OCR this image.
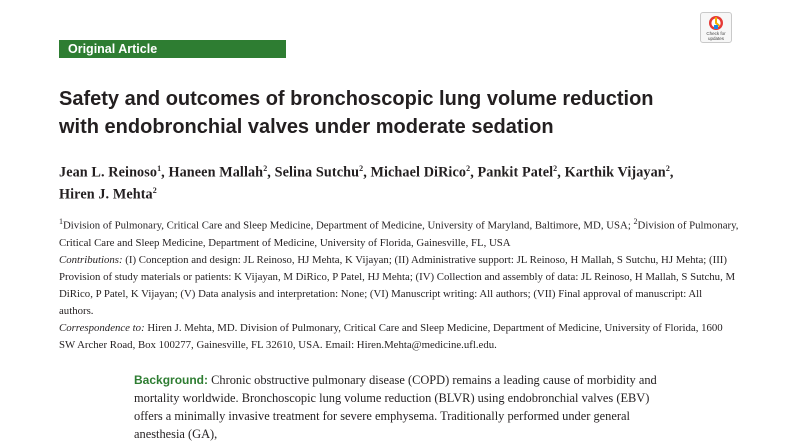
Original Article
Check for
updates
Safety and outcomes of bronchoscopic lung volume reduction
with endobronchial valves under moderate sedation

Jean L. Reinoso$^1$, Haneen Mallah$^2$, Selina Sutchu$^2$, Michael DiRico$^2$, Pankit Patel$^2$, Karthik Vijayan$^2$,
Hiren J. Mehta$^2$

$^1$Division of Pulmonary, Critical Care and Sleep Medicine, Department of Medicine, University of Maryland, Baltimore, MD, USA; $^2$Division of Pulmonary, Critical Care and Sleep Medicine, Department of Medicine, University of Florida, Gainesville, FL, USA

Contributions: (I) Conception and design: JL Reinoso, HJ Mehta, K Vijayan; (II) Administrative support: JL Reinoso, H Mallah, S Sutchu, HJ Mehta; (III) Provision of study materials or patients: K Vijayan, M DiRico, P Patel, HJ Mehta; (IV) Collection and assembly of data: JL Reinoso, H Mallah, S Sutchu, M DiRico, P Patel, K Vijayan; (V) Data analysis and interpretation: None; (VI) Manuscript writing: All authors; (VII) Final approval of manuscript: All authors.

Correspondence to: Hiren J. Mehta, MD. Division of Pulmonary, Critical Care and Sleep Medicine, Department of Medicine, University of Florida, 1600 SW Archer Road, Box 100277, Gainesville, FL 32610, USA. Email: Hiren.Mehta@medicine.ufl.edu.

Background: Chronic obstructive pulmonary disease (COPD) remains a leading cause of morbidity and mortality worldwide. Bronchoscopic lung volume reduction (BLVR) using endobronchial valves (EBV) offers a minimally invasive treatment for severe emphysema. Traditionally performed under general anesthesia (GA),
